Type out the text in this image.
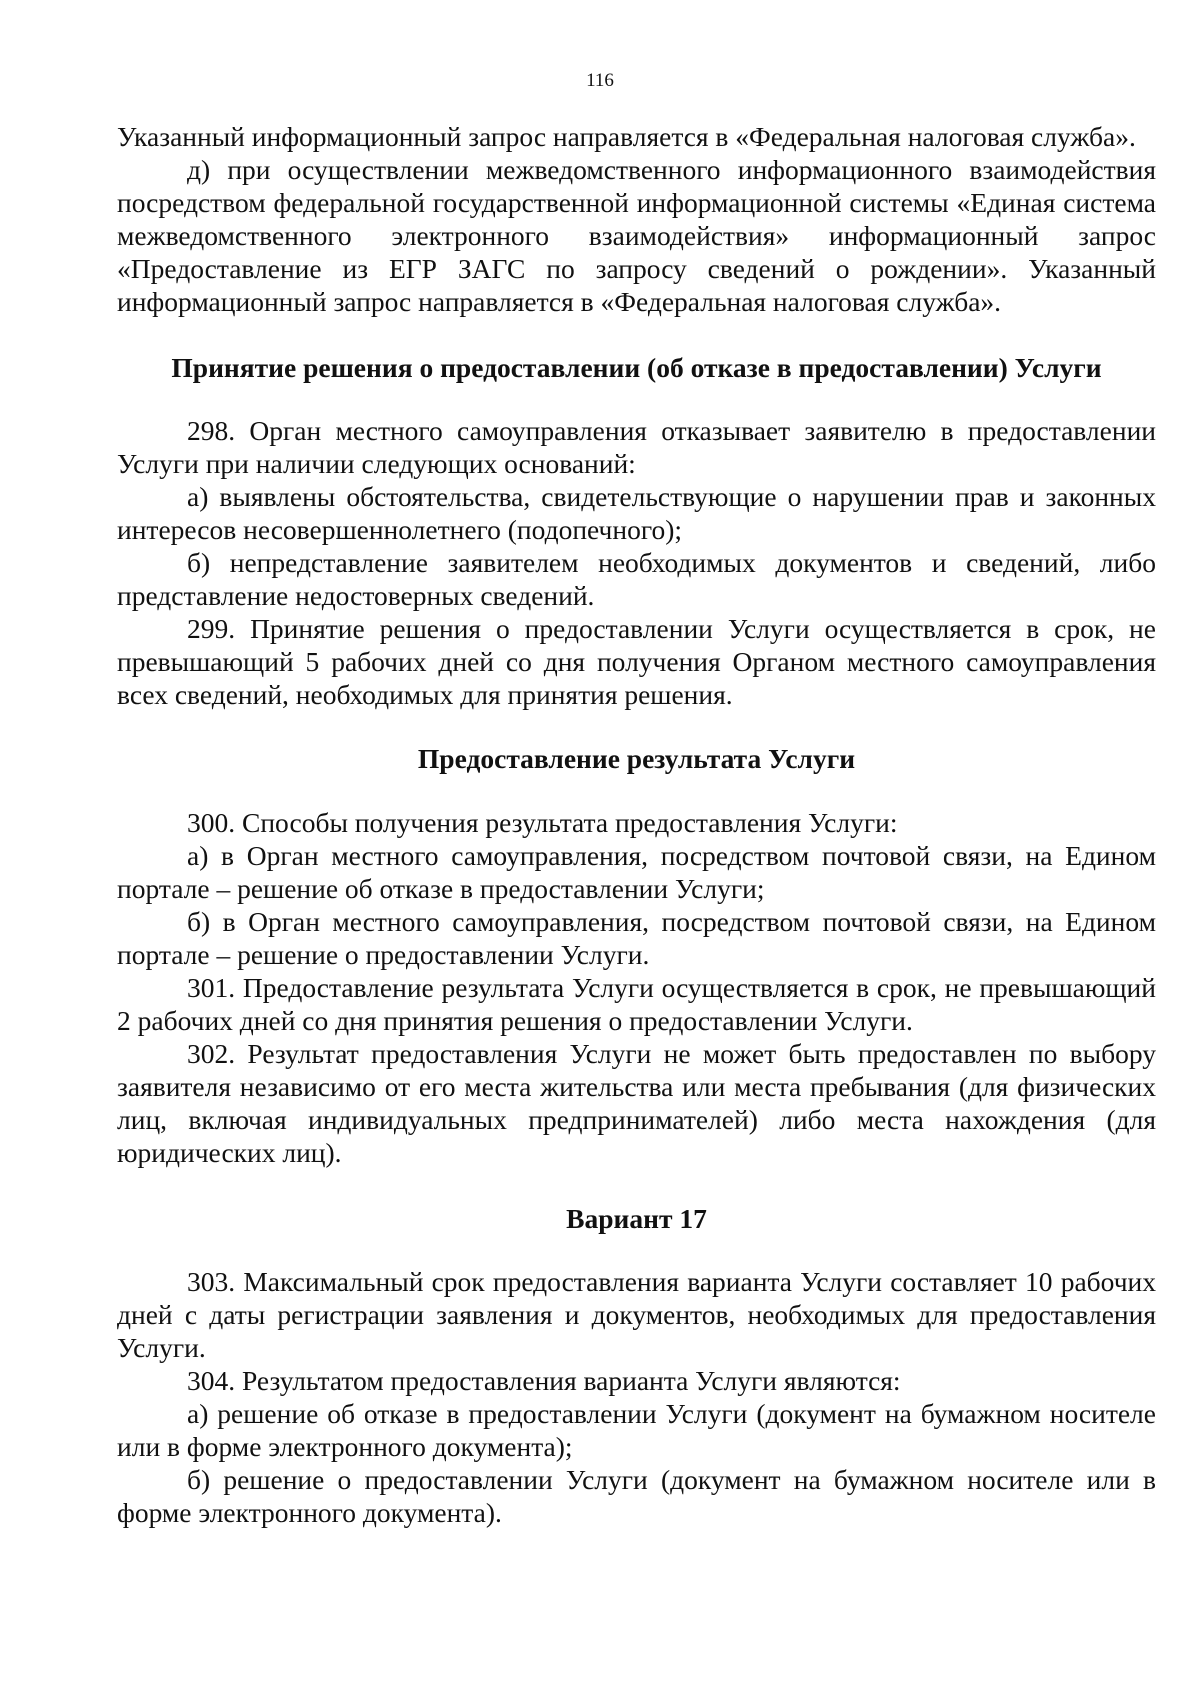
116

Указанный информационный запрос направляется в «Федеральная налоговая служба».

д) при осуществлении межведомственного информационного взаимодействия посредством федеральной государственной информационной системы «Единая система межведомственного электронного взаимодействия» информационный запрос «Предоставление из ЕГР ЗАГС по запросу сведений о рождении». Указанный информационный запрос направляется в «Федеральная налоговая служба».

Принятие решения о предоставлении (об отказе в предоставлении) Услуги

298. Орган местного самоуправления отказывает заявителю в предоставлении Услуги при наличии следующих оснований:

а) выявлены обстоятельства, свидетельствующие о нарушении прав и законных интересов несовершеннолетнего (подопечного);

б) непредставление заявителем необходимых документов и сведений, либо представление недостоверных сведений.

299. Принятие решения о предоставлении Услуги осуществляется в срок, не превышающий 5 рабочих дней со дня получения Органом местного самоуправления всех сведений, необходимых для принятия решения.

Предоставление результата Услуги

300. Способы получения результата предоставления Услуги:

а) в Орган местного самоуправления, посредством почтовой связи, на Едином портале – решение об отказе в предоставлении Услуги;

б) в Орган местного самоуправления, посредством почтовой связи, на Едином портале – решение о предоставлении Услуги.

301. Предоставление результата Услуги осуществляется в срок, не превышающий 2 рабочих дней со дня принятия решения о предоставлении Услуги.

302. Результат предоставления Услуги не может быть предоставлен по выбору заявителя независимо от его места жительства или места пребывания (для физических лиц, включая индивидуальных предпринимателей) либо места нахождения (для юридических лиц).

Вариант 17

303. Максимальный срок предоставления варианта Услуги составляет 10 рабочих дней с даты регистрации заявления и документов, необходимых для предоставления Услуги.

304. Результатом предоставления варианта Услуги являются:

а) решение об отказе в предоставлении Услуги (документ на бумажном носителе или в форме электронного документа);

б) решение о предоставлении Услуги (документ на бумажном носителе или в форме электронного документа).
